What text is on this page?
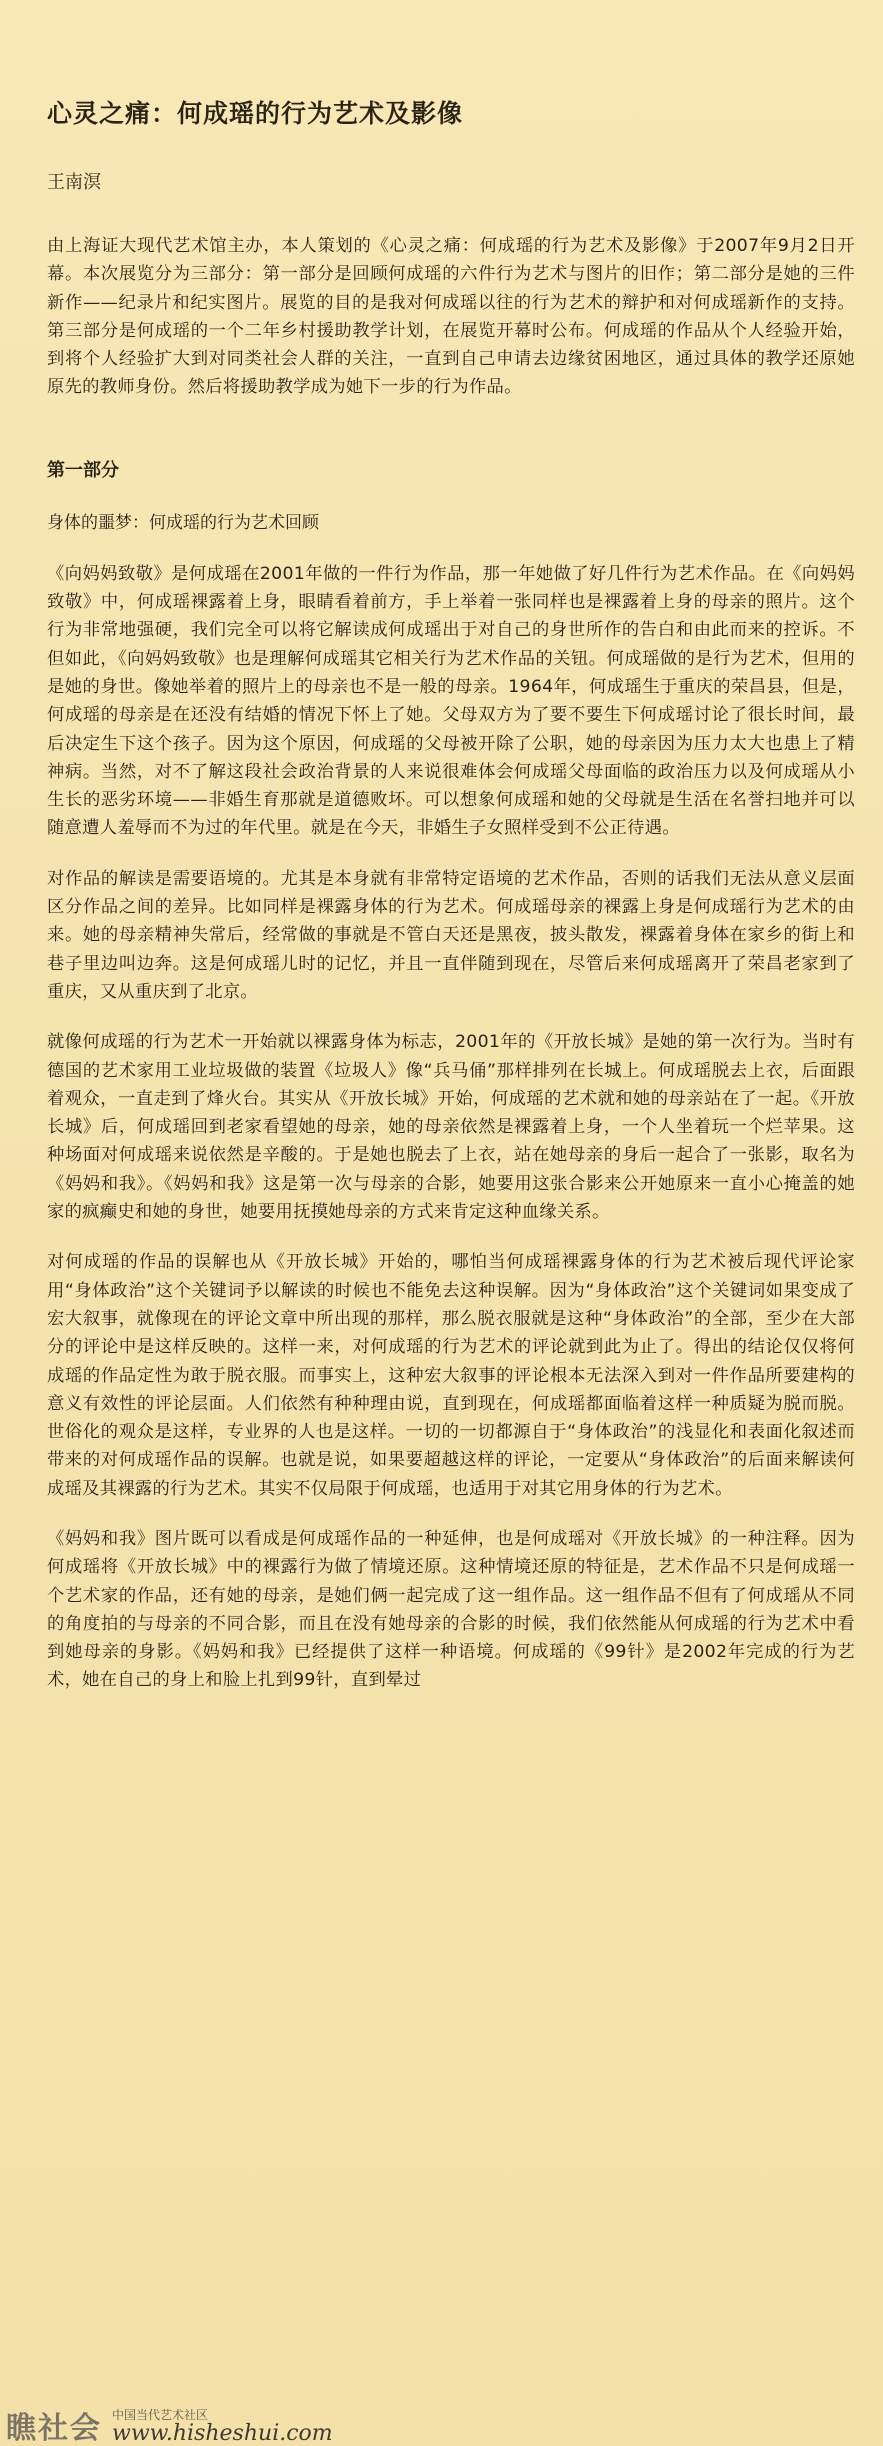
心灵之痛：何成瑶的行为艺术及影像

王南溟

由上海证大现代艺术馆主办，本人策划的《心灵之痛：何成瑶的行为艺术及影像》于2007年9月2日开幕。本次展览分为三部分：第一部分是回顾何成瑶的六件行为艺术与图片的旧作；第二部分是她的三件新作——纪录片和纪实图片。展览的目的是我对何成瑶以往的行为艺术的辩护和对何成瑶新作的支持。第三部分是何成瑶的一个二年乡村援助教学计划，在展览开幕时公布。何成瑶的作品从个人经验开始，到将个人经验扩大到对同类社会人群的关注，一直到自己申请去边缘贫困地区，通过具体的教学还原她原先的教师身份。然后将援助教学成为她下一步的行为作品。

第一部分

身体的噩梦：何成瑶的行为艺术回顾

《向妈妈致敬》是何成瑶在2001年做的一件行为作品，那一年她做了好几件行为艺术作品。在《向妈妈致敬》中，何成瑶裸露着上身，眼睛看着前方，手上举着一张同样也是裸露着上身的母亲的照片。这个行为非常地强硬，我们完全可以将它解读成何成瑶出于对自己的身世所作的告白和由此而来的控诉。不但如此，《向妈妈致敬》也是理解何成瑶其它相关行为艺术作品的关钮。何成瑶做的是行为艺术，但用的是她的身世。像她举着的照片上的母亲也不是一般的母亲。1964年，何成瑶生于重庆的荣昌县，但是，何成瑶的母亲是在还没有结婚的情况下怀上了她。父母双方为了要不要生下何成瑶讨论了很长时间，最后决定生下这个孩子。因为这个原因，何成瑶的父母被开除了公职，她的母亲因为压力太大也患上了精神病。当然，对不了解这段社会政治背景的人来说很难体会何成瑶父母面临的政治压力以及何成瑶从小生长的恶劣环境——非婚生育那就是道德败坏。可以想象何成瑶和她的父母就是生活在名誉扫地并可以随意遭人羞辱而不为过的年代里。就是在今天，非婚生子女照样受到不公正待遇。

对作品的解读是需要语境的。尤其是本身就有非常特定语境的艺术作品，否则的话我们无法从意义层面区分作品之间的差异。比如同样是裸露身体的行为艺术。何成瑶母亲的裸露上身是何成瑶行为艺术的由来。她的母亲精神失常后，经常做的事就是不管白天还是黑夜，披头散发，裸露着身体在家乡的街上和巷子里边叫边奔。这是何成瑶儿时的记忆，并且一直伴随到现在，尽管后来何成瑶离开了荣昌老家到了重庆，又从重庆到了北京。

就像何成瑶的行为艺术一开始就以裸露身体为标志，2001年的《开放长城》是她的第一次行为。当时有德国的艺术家用工业垃圾做的装置《垃圾人》像“兵马俑”那样排列在长城上。何成瑶脱去上衣，后面跟着观众，一直走到了烽火台。其实从《开放长城》开始，何成瑶的艺术就和她的母亲站在了一起。《开放长城》后，何成瑶回到老家看望她的母亲，她的母亲依然是裸露着上身，一个人坐着玩一个烂苹果。这种场面对何成瑶来说依然是辛酸的。于是她也脱去了上衣，站在她母亲的身后一起合了一张影，取名为《妈妈和我》。《妈妈和我》这是第一次与母亲的合影，她要用这张合影来公开她原来一直小心掩盖的她家的疯癫史和她的身世，她要用抚摸她母亲的方式来肯定这种血缘关系。

对何成瑶的作品的误解也从《开放长城》开始的，哪怕当何成瑶裸露身体的行为艺术被后现代评论家用“身体政治”这个关键词予以解读的时候也不能免去这种误解。因为“身体政治”这个关键词如果变成了宏大叙事，就像现在的评论文章中所出现的那样，那么脱衣服就是这种“身体政治”的全部，至少在大部分的评论中是这样反映的。这样一来，对何成瑶的行为艺术的评论就到此为止了。得出的结论仅仅将何成瑶的作品定性为敢于脱衣服。而事实上，这种宏大叙事的评论根本无法深入到对一件作品所要建构的意义有效性的评论层面。人们依然有种种理由说，直到现在，何成瑶都面临着这样一种质疑为脱而脱。世俗化的观众是这样，专业界的人也是这样。一切的一切都源自于“身体政治”的浅显化和表面化叙述而带来的对何成瑶作品的误解。也就是说，如果要超越这样的评论，一定要从“身体政治”的后面来解读何成瑶及其裸露的行为艺术。其实不仅局限于何成瑶，也适用于对其它用身体的行为艺术。

《妈妈和我》图片既可以看成是何成瑶作品的一种延伸，也是何成瑶对《开放长城》的一种注释。因为何成瑶将《开放长城》中的裸露行为做了情境还原。这种情境还原的特征是，艺术作品不只是何成瑶一个艺术家的作品，还有她的母亲，是她们俩一起完成了这一组作品。这一组作品不但有了何成瑶从不同的角度拍的与母亲的不同合影，而且在没有她母亲的合影的时候，我们依然能从何成瑶的行为艺术中看到她母亲的身影。《妈妈和我》已经提供了这样一种语境。何成瑶的《99针》是2002年完成的行为艺术，她在自己的身上和脸上扎到99针，直到晕过

瞧社会 中国当代艺术社区
www.hisheshui.com
